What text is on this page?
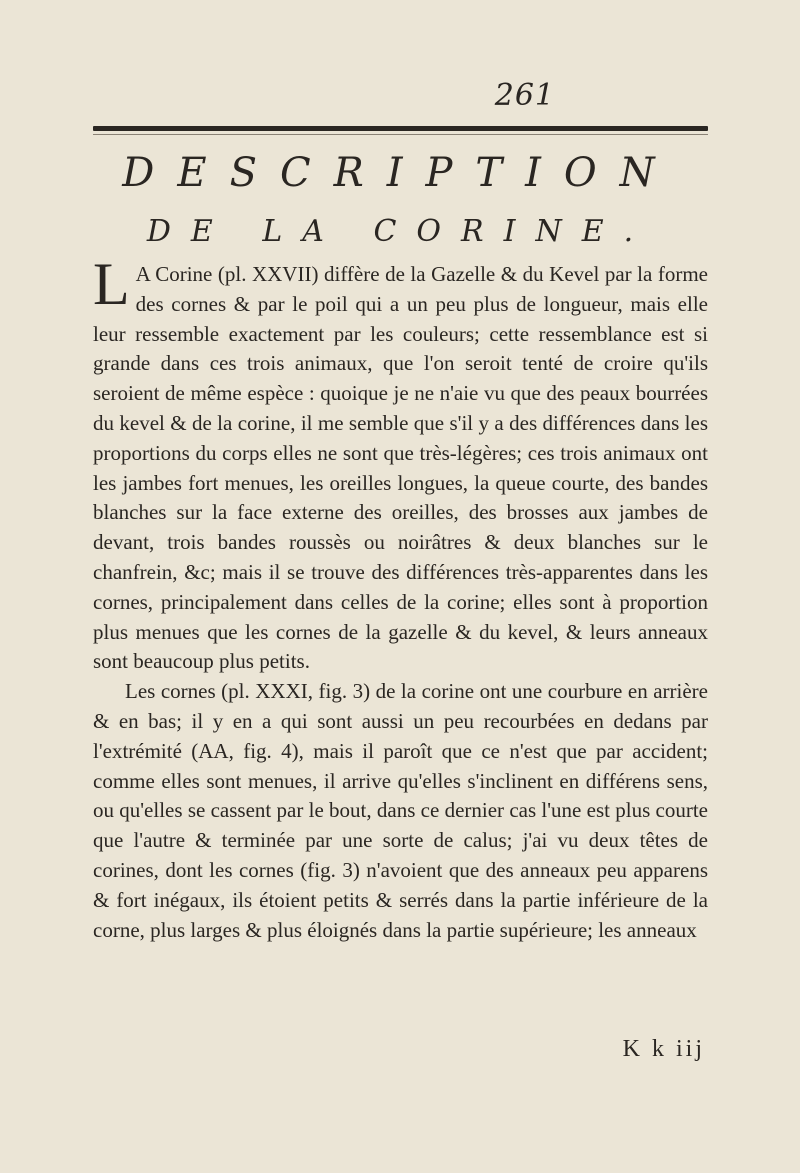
261
DESCRIPTION
DE LA CORINE.

L A Corine (pl. XXVII) diffère de la Gazelle & du Kevel par la forme des cornes & par le poil qui a un peu plus de longueur, mais elle leur ressemble exactement par les couleurs; cette ressemblance est si grande dans ces trois animaux, que l'on seroit tenté de croire qu'ils seroient de même espèce : quoique je ne n'aie vu que des peaux bourrées du kevel & de la corine, il me semble que s'il y a des différences dans les proportions du corps elles ne sont que très-légères; ces trois animaux ont les jambes fort menues, les oreilles longues, la queue courte, des bandes blanches sur la face externe des oreilles, des brosses aux jambes de devant, trois bandes roussès ou noirâtres & deux blanches sur le chanfrein, &c; mais il se trouve des différences très-apparentes dans les cornes, principalement dans celles de la corine; elles sont à proportion plus menues que les cornes de la gazelle & du kevel, & leurs anneaux sont beaucoup plus petits.

Les cornes (pl. XXXI, fig. 3) de la corine ont une courbure en arrière & en bas; il y en a qui sont aussi un peu recourbées en dedans par l'extrémité (AA, fig. 4), mais il paroît que ce n'est que par accident; comme elles sont menues, il arrive qu'elles s'inclinent en différens sens, ou qu'elles se cassent par le bout, dans ce dernier cas l'une est plus courte que l'autre & terminée par une sorte de calus; j'ai vu deux têtes de corines, dont les cornes (fig. 3) n'avoient que des anneaux peu apparens & fort inégaux, ils étoient petits & serrés dans la partie inférieure de la corne, plus larges & plus éloignés dans la partie supérieure; les anneaux

K k iij
